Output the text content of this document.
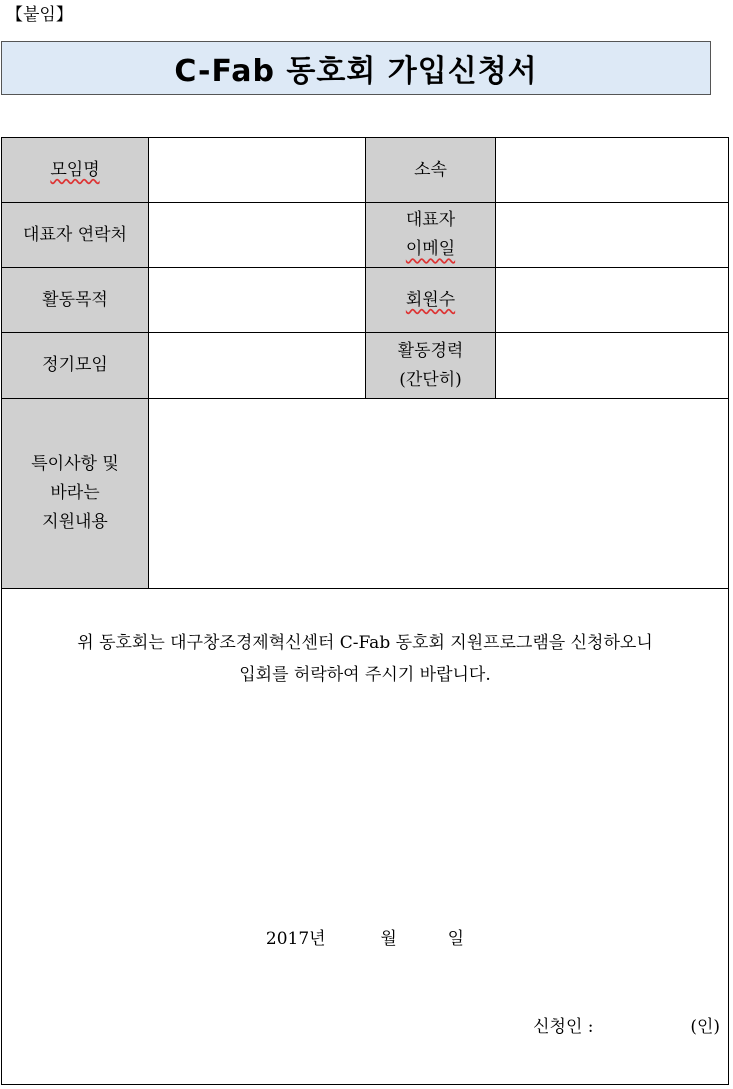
【붙임】
C-Fab 동호회 가입신청서
모임명		소속	
대표자 연락처		대표자
이메일	

활동목적		회원수	
정기모임		활동경력
(간단히)	

특이사항 및
바라는
지원내용			

위 동호회는 대구창조경제혁신센터 C-Fab 동호회 지원프로그램을 신청하오니
입회를 허락하여 주시기 바랍니다.
2017년 월 일
신청인 : (인)			
